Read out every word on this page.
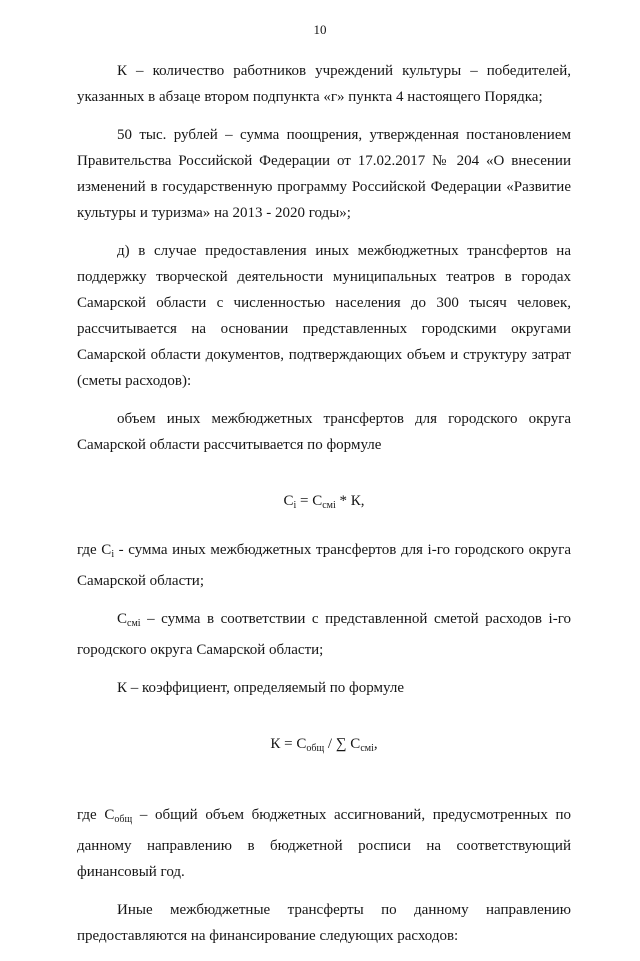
10

К – количество работников учреждений культуры – победителей, указанных в абзаце втором подпункта «г» пункта 4 настоящего Порядка;

50 тыс. рублей – сумма поощрения, утвержденная постановлением Правительства Российской Федерации от 17.02.2017 № 204 «О внесении изменений в государственную программу Российской Федерации «Развитие культуры и туризма» на 2013 - 2020 годы»;

д) в случае предоставления иных межбюджетных трансфертов на поддержку творческой деятельности муниципальных театров в городах Самарской области с численностью населения до 300 тысяч человек, рассчитывается на основании представленных городскими округами Самарской области документов, подтверждающих объем и структуру затрат (сметы расходов):

объем иных межбюджетных трансфертов для городского округа Самарской области рассчитывается по формуле

$C_i = C_{смi} * К$,

где $C_i$ - сумма иных межбюджетных трансфертов для i-го городского округа Самарской области;

$C_{смi}$ – сумма в соответствии с представленной сметой расходов i-го городского округа Самарской области;

К – коэффициент, определяемый по формуле

$К = C_{общ}$ / ∑ $C_{смi}$,

где $C_{общ}$ – общий объем бюджетных ассигнований, предусмотренных по данному направлению в бюджетной росписи на соответствующий финансовый год.

Иные межбюджетные трансферты по данному направлению предоставляются на финансирование следующих расходов:
